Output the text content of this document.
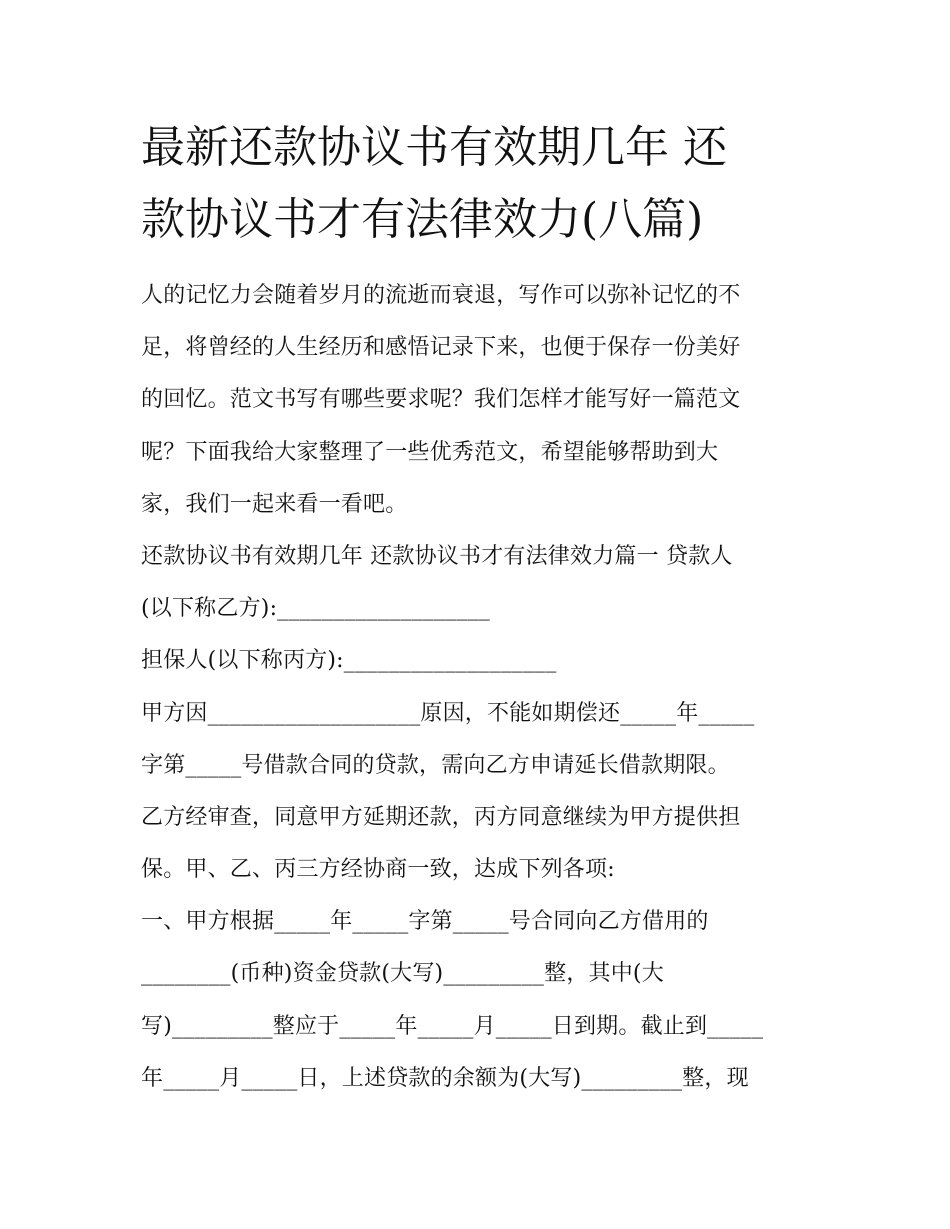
最新还款协议书有效期几年 还
款协议书才有法律效力(八篇)
人的记忆力会随着岁月的流逝而衰退，写作可以弥补记忆的不
足，将曾经的人生经历和感悟记录下来，也便于保存一份美好
的回忆。范文书写有哪些要求呢？我们怎样才能写好一篇范文
呢？下面我给大家整理了一些优秀范文，希望能够帮助到大
家，我们一起来看一看吧。
还款协议书有效期几年 还款协议书才有法律效力篇一 贷款人
(以下称乙方):___________________
担保人(以下称丙方):___________________
甲方因___________________原因，不能如期偿还_____年_____
字第_____号借款合同的贷款，需向乙方申请延长借款期限。
乙方经审查，同意甲方延期还款，丙方同意继续为甲方提供担
保。甲、乙、丙三方经协商一致，达成下列各项:
一、甲方根据_____年_____字第_____号合同向乙方借用的
________(币种)资金贷款(大写)_________整，其中(大
写)_________整应于_____年_____月_____日到期。截止到_____
年_____月_____日，上述贷款的余额为(大写)_________整，现
